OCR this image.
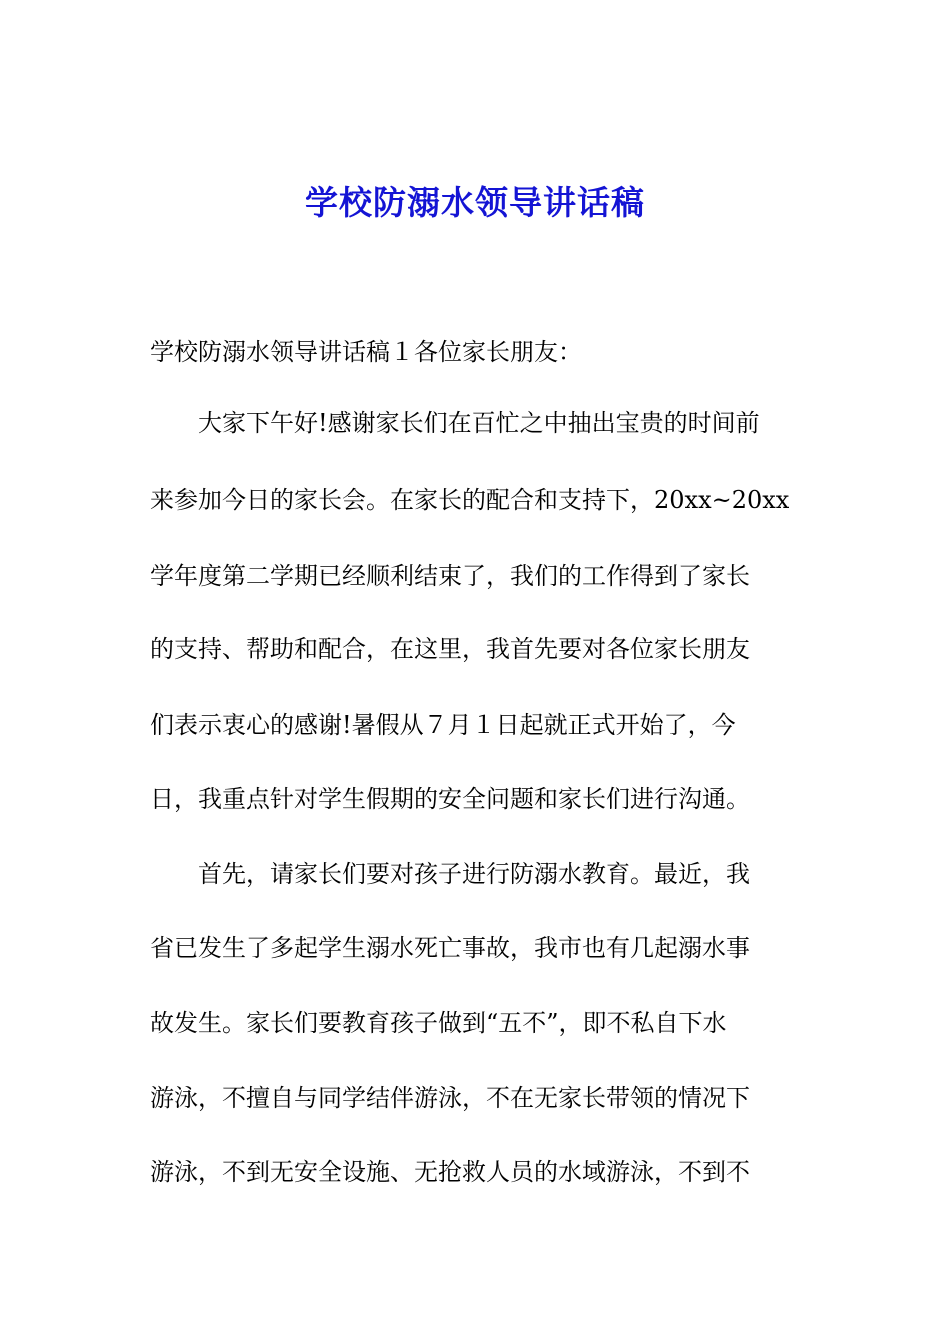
学校防溺水领导讲话稿
学校防溺水领导讲话稿１各位家长朋友：
　　大家下午好!感谢家长们在百忙之中抽出宝贵的时间前
来参加今日的家长会。在家长的配合和支持下，20xx~20xx
学年度第二学期已经顺利结束了，我们的工作得到了家长
的支持、帮助和配合，在这里，我首先要对各位家长朋友
们表示衷心的感谢!暑假从７月１日起就正式开始了，今
日，我重点针对学生假期的安全问题和家长们进行沟通。
　　首先，请家长们要对孩子进行防溺水教育。最近，我
省已发生了多起学生溺水死亡事故，我市也有几起溺水事
故发生。家长们要教育孩子做到“五不”，即不私自下水
游泳，不擅自与同学结伴游泳，不在无家长带领的情况下
游泳，不到无安全设施、无抢救人员的水域游泳，不到不
